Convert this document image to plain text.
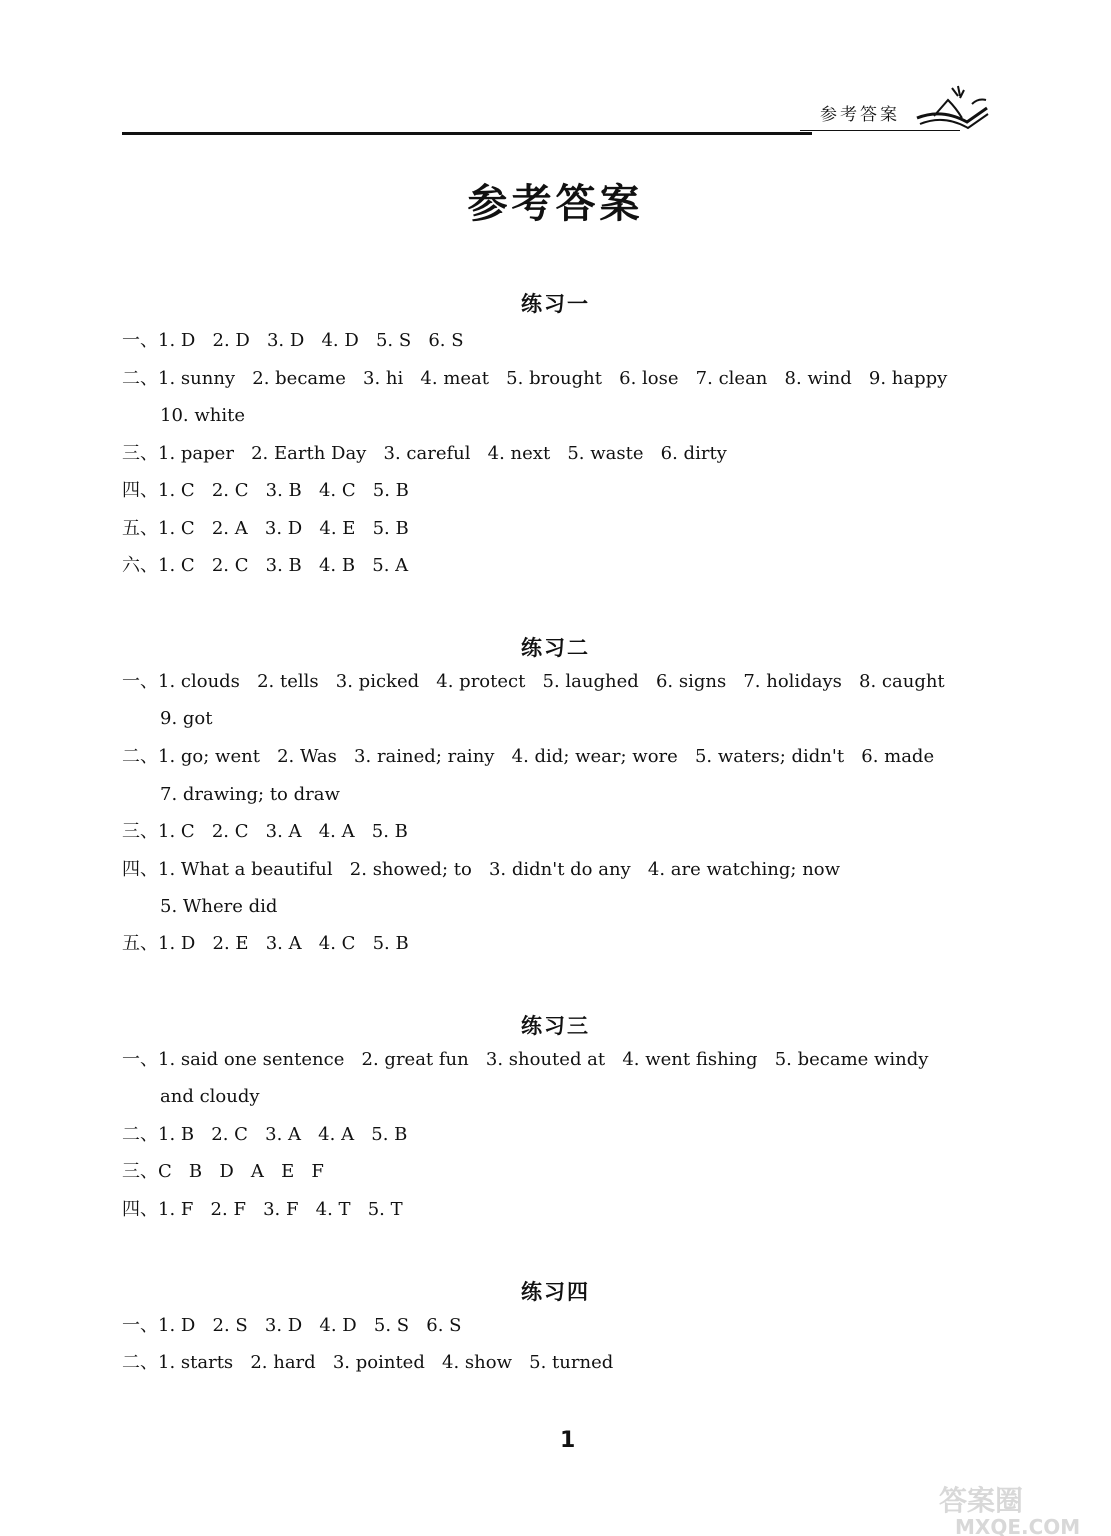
参考答案
参考答案
练习一
一、1. D   2. D   3. D   4. D   5. S   6. S
二、1. sunny   2. became   3. hi   4. meat   5. brought   6. lose   7. clean   8. wind   9. happy
10. white
三、1. paper   2. Earth Day   3. careful   4. next   5. waste   6. dirty
四、1. C   2. C   3. B   4. C   5. B
五、1. C   2. A   3. D   4. E   5. B
六、1. C   2. C   3. B   4. B   5. A
练习二
一、1. clouds   2. tells   3. picked   4. protect   5. laughed   6. signs   7. holidays   8. caught
9. got
二、1. go; went   2. Was   3. rained; rainy   4. did; wear; wore   5. waters; didn't   6. made
7. drawing; to draw
三、1. C   2. C   3. A   4. A   5. B
四、1. What a beautiful   2. showed; to   3. didn't do any   4. are watching; now
5. Where did
五、1. D   2. E   3. A   4. C   5. B
练习三
一、1. said one sentence   2. great fun   3. shouted at   4. went fishing   5. became windy
and cloudy
二、1. B   2. C   3. A   4. A   5. B
三、C   B   D   A   E   F
四、1. F   2. F   3. F   4. T   5. T
练习四
一、1. D   2. S   3. D   4. D   5. S   6. S
二、1. starts   2. hard   3. pointed   4. show   5. turned
1
答案圈
MXQE.COM
